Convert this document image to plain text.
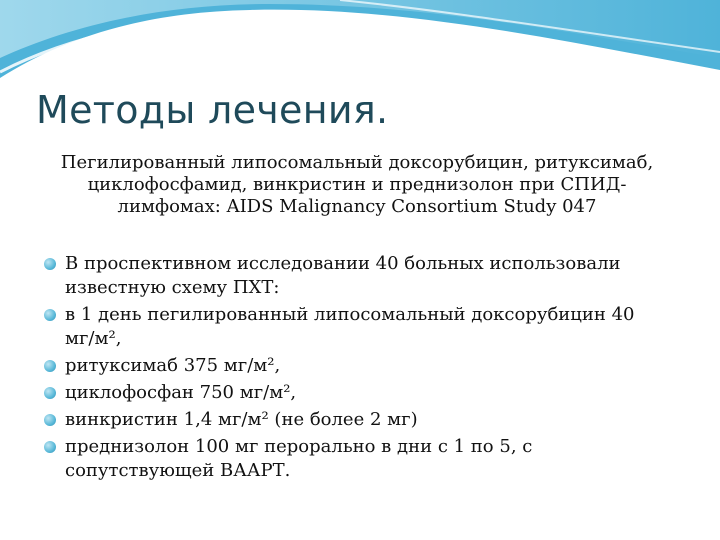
Методы лечения.
Пегилированный липосомальный доксорубицин, ритуксимаб, циклофосфамид, винкристин и преднизолон при СПИД-лимфомах: AIDS Malignancy Consortium Study 047
В проспективном исследовании 40 больных использовали известную схему ПХТ:
в 1 день пегилированный липосомальный доксорубицин 40 мг/м²,
ритуксимаб 375 мг/м²,
циклофосфан 750 мг/м²,
винкристин 1,4 мг/м² (не более 2 мг)
преднизолон 100 мг перорально в дни с 1 по 5, с сопутствующей ВААРТ.
